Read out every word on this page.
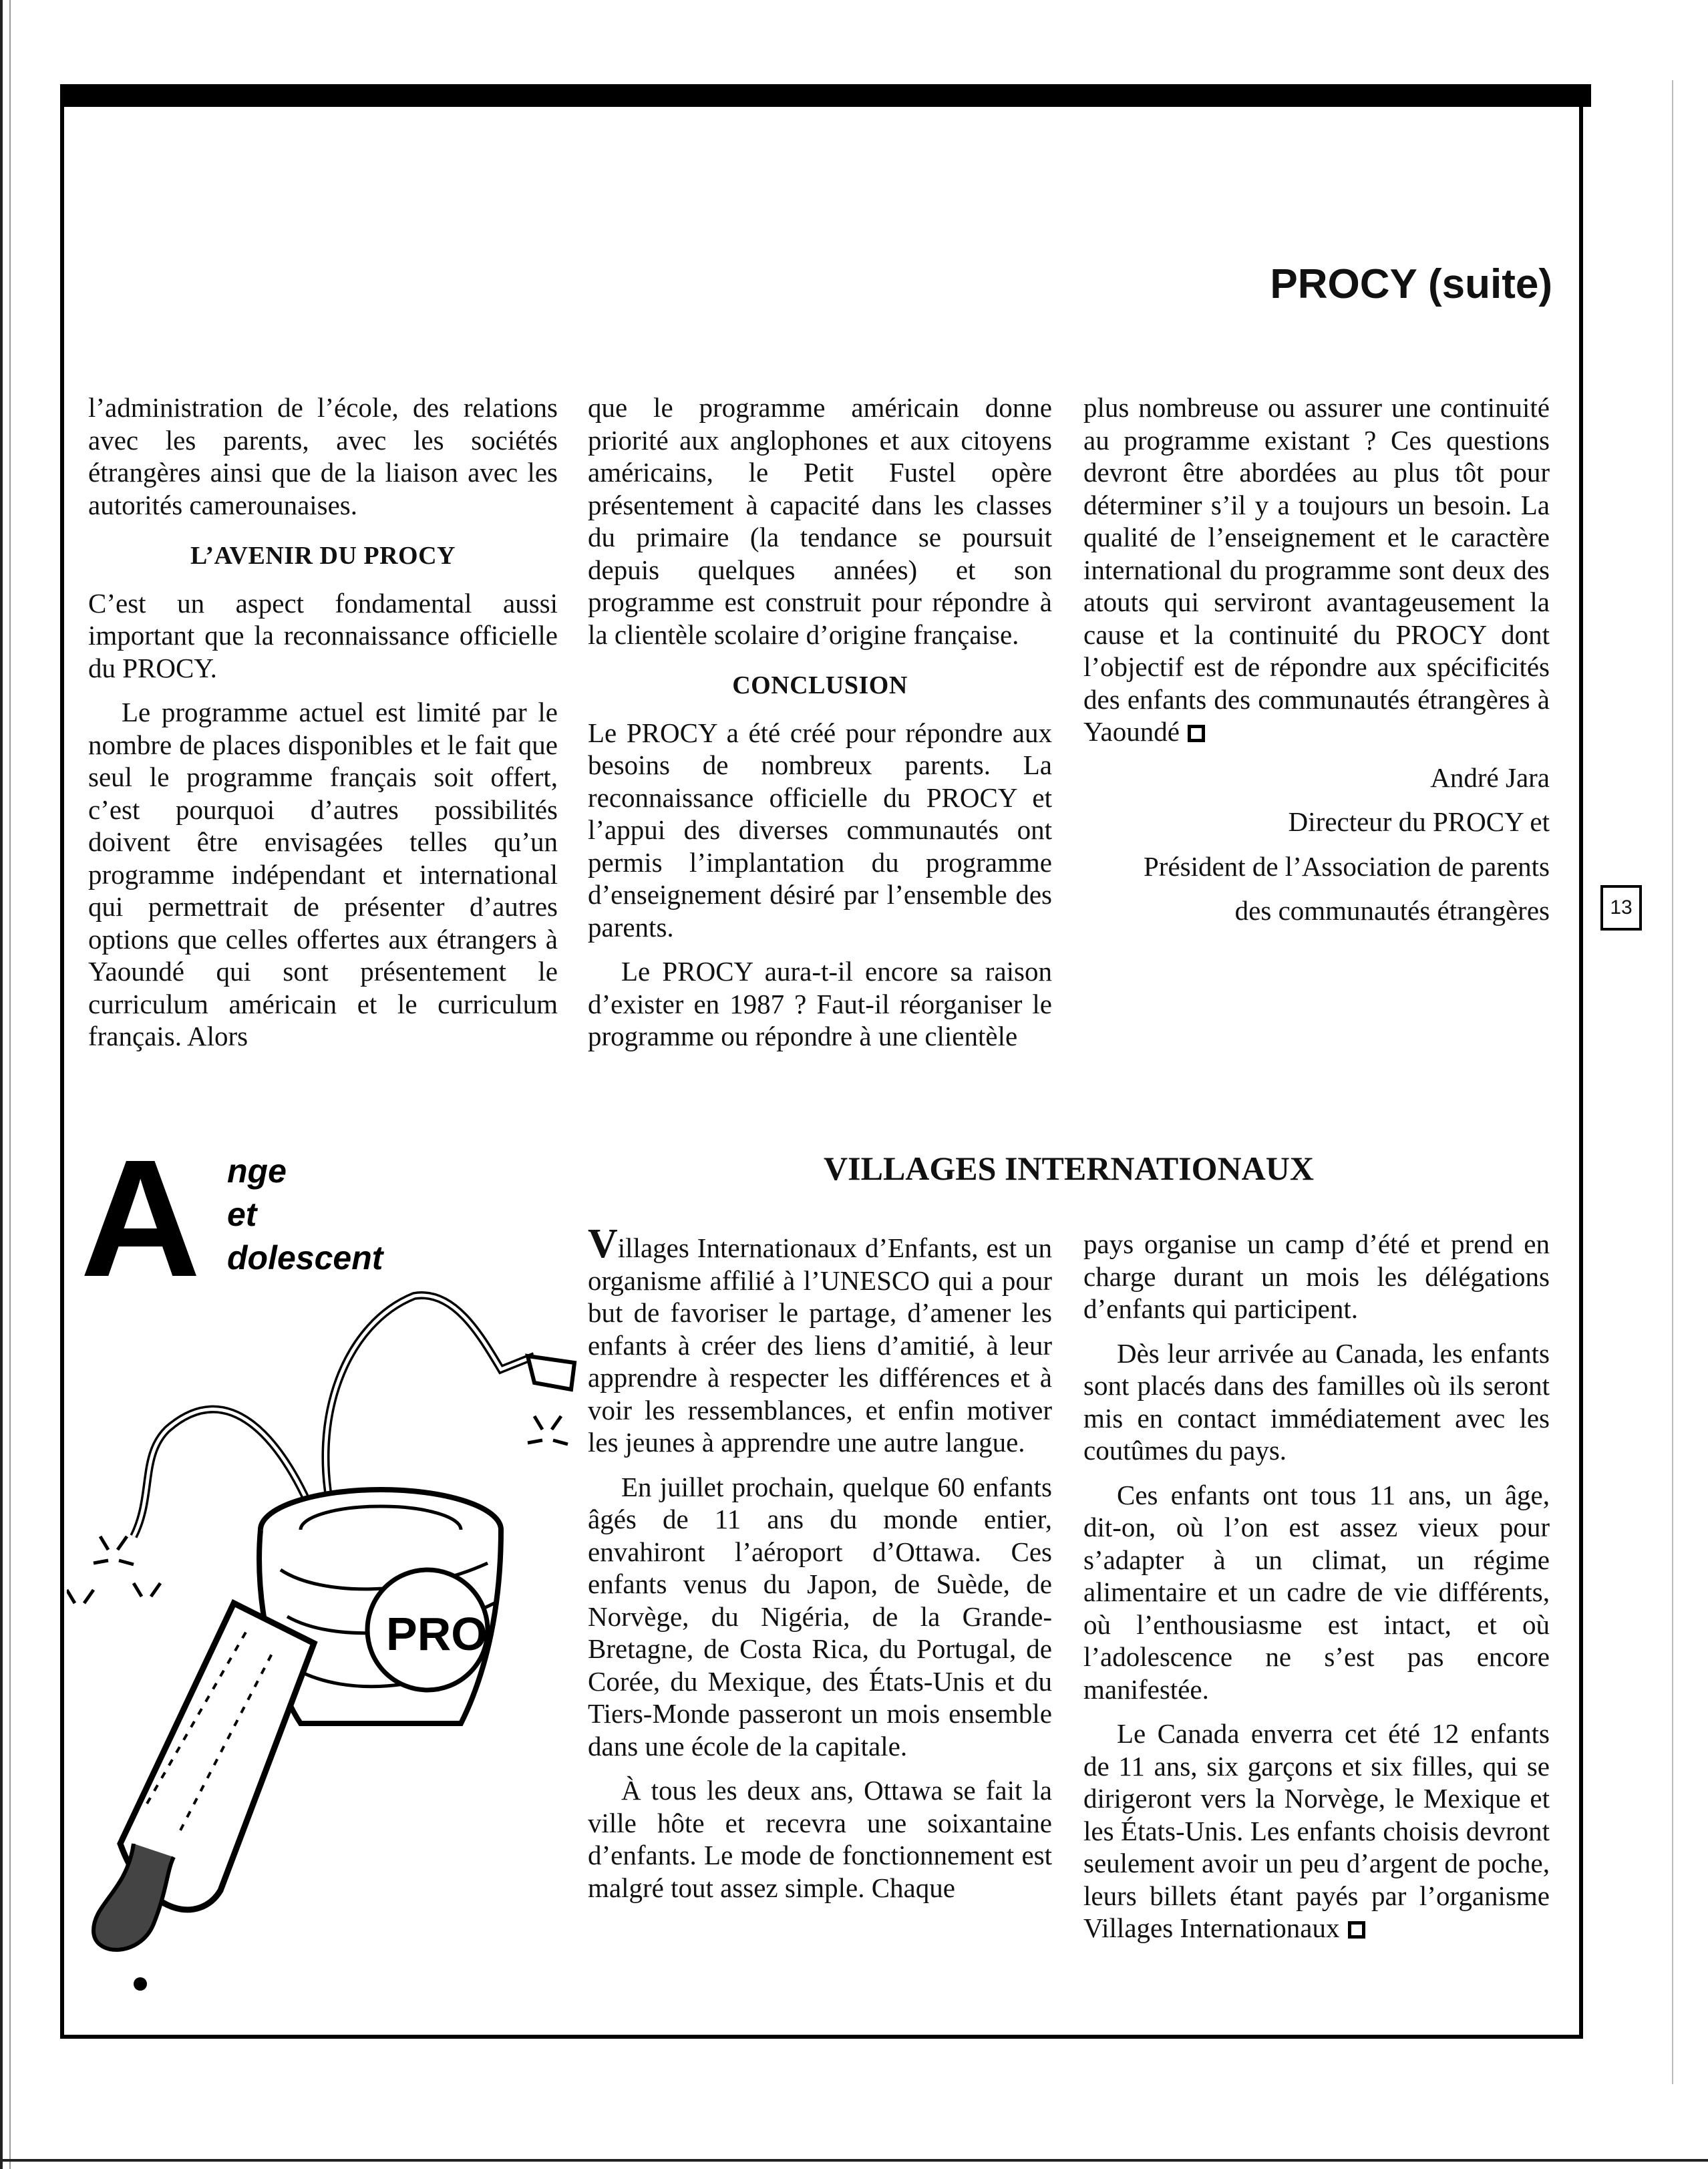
PROCY (suite)

l’administration de l’école, des relations avec les parents, avec les sociétés étrangères ainsi que de la liaison avec les autorités camerounaises.

L’AVENIR DU PROCY

C’est un aspect fondamental aussi important que la reconnaissance officielle du PROCY.

Le programme actuel est limité par le nombre de places disponibles et le fait que seul le programme français soit offert, c’est pourquoi d’autres possibilités doivent être envisagées telles qu’un programme indépendant et international qui permettrait de présenter d’autres options que celles offertes aux étrangers à Yaoundé qui sont présentement le curriculum américain et le curriculum français. Alors

que le programme américain donne priorité aux anglophones et aux citoyens américains, le Petit Fustel opère présentement à capacité dans les classes du primaire (la tendance se poursuit depuis quelques années) et son programme est construit pour répondre à la clientèle scolaire d’origine française.

CONCLUSION

Le PROCY a été créé pour répondre aux besoins de nombreux parents. La reconnaissance officielle du PROCY et l’appui des diverses communautés ont permis l’implantation du programme d’enseignement désiré par l’ensemble des parents.

Le PROCY aura-t-il encore sa raison d’exister en 1987 ? Faut-il réorganiser le programme ou répondre à une clientèle

plus nombreuse ou assurer une continuité au programme existant ? Ces questions devront être abordées au plus tôt pour déterminer s’il y a toujours un besoin. La qualité de l’enseignement et le caractère international du programme sont deux des atouts qui serviront avantageusement la cause et la continuité du PROCY dont l’objectif est de répondre aux spécificités des enfants des communautés étrangères à Yaoundé

André Jara

Directeur du PROCY et

Président de l’Association de parents

des communautés étrangères	13
A nge
et
dolescent
PRO
VILLAGES INTERNATIONAUX

Villages Internationaux d’Enfants, est un organisme affilié à l’UNESCO qui a pour but de favoriser le partage, d’amener les enfants à créer des liens d’amitié, à leur apprendre à respecter les différences et à voir les ressemblances, et enfin motiver les jeunes à apprendre une autre langue.

En juillet prochain, quelque 60 enfants âgés de 11 ans du monde entier, envahiront l’aéroport d’Ottawa. Ces enfants venus du Japon, de Suède, de Norvège, du Nigéria, de la Grande-Bretagne, de Costa Rica, du Portugal, de Corée, du Mexique, des États-Unis et du Tiers-Monde passeront un mois ensemble dans une école de la capitale.

À tous les deux ans, Ottawa se fait la ville hôte et recevra une soixantaine d’enfants. Le mode de fonctionnement est malgré tout assez simple. Chaque

pays organise un camp d’été et prend en charge durant un mois les délégations d’enfants qui participent.

Dès leur arrivée au Canada, les enfants sont placés dans des familles où ils seront mis en contact immédiatement avec les coutûmes du pays.

Ces enfants ont tous 11 ans, un âge, dit-on, où l’on est assez vieux pour s’adapter à un climat, un régime alimentaire et un cadre de vie différents, où l’enthousiasme est intact, et où l’adolescence ne s’est pas encore manifestée.

Le Canada enverra cet été 12 enfants de 11 ans, six garçons et six filles, qui se dirigeront vers la Norvège, le Mexique et les États-Unis. Les enfants choisis devront seulement avoir un peu d’argent de poche, leurs billets étant payés par l’organisme Villages Internationaux
